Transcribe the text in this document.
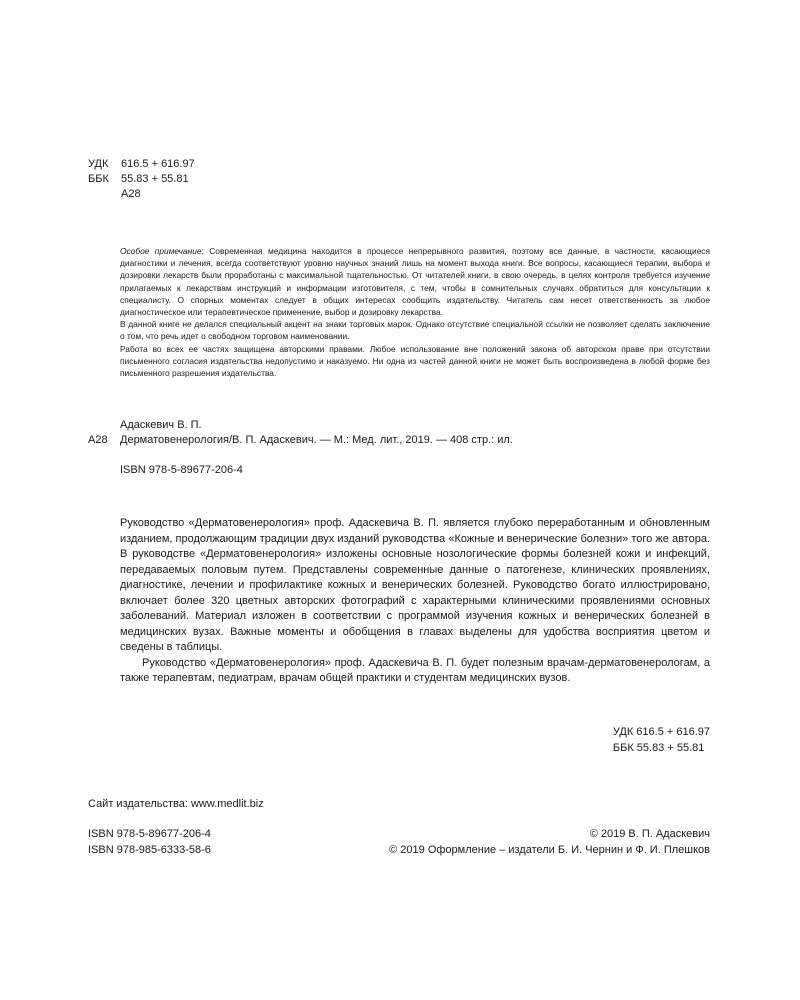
УДК	616.5 + 616.97
ББК	55.83 + 55.81
А28

Особое примечание: Современная медицина находится в процессе непрерывного развития, поэтому все данные, в частности, касающиеся диагностики и лечения, всегда соответствуют уровню научных знаний лишь на момент выхода книги. Все вопросы, касающиеся терапии, выбора и дозировки лекарств были проработаны с максимальной тщательностью. От читателей книги, в свою очередь, в целях контроля требуется изучение прилагаемых к лекарствам инструкций и информации изготовителя, с тем, чтобы в сомнительных случаях обратиться для консультации к специалисту. О спорных моментах следует в общих интересах сообщить издательству. Читатель сам несет ответственность за любое диагностическое или терапевтическое применение, выбор и дозировку лекарства.

В данной книге не делался специальный акцент на знаки торговых марок. Однако отсутствие специальной ссылки не позволяет сделать заключение о том, что речь идет о свободном торговом наименовании.

Работа во всех ее частях защищена авторскими правами. Любое использование вне положений закона об авторском праве при отсутствии письменного согласия издательства недопустимо и наказуемо. Ни одна из частей данной книги не может быть воспроизведена в любой форме без письменного разрешения издательства.

Адаскевич В. П.
А28 Дерматовенерология/В. П. Адаскевич. — М.: Мед. лит., 2019. — 408 стр.: ил.
ISBN 978-5-89677-206-4

Руководство «Дерматовенерология» проф. Адаскевича В. П. является глубоко переработанным и обновленным изданием, продолжающим традиции двух изданий руководства «Кожные и венерические болезни» того же автора. В руководстве «Дерматовенерология» изложены основные нозологические формы болезней кожи и инфекций, передаваемых половым путем. Представлены современные данные о патогенезе, клинических проявлениях, диагностике, лечении и профилактике кожных и венерических болезней. Руководство богато иллюстрировано, включает более 320 цветных авторских фотографий с характерными клиническими проявлениями основных заболеваний. Материал изложен в соответствии с программой изучения кожных и венерических болезней в медицинских вузах. Важные моменты и обобщения в главах выделены для удобства восприятия цветом и сведены в таблицы.

Руководство «Дерматовенерология» проф. Адаскевича В. П. будет полезным врачам-дерматовенерологам, а также терапевтам, педиатрам, врачам общей практики и студентам медицинских вузов.

УДК 616.5 + 616.97
ББК 55.83 + 55.81
Сайт издательства: www.medlit.biz
ISBN 978-5-89677-206-4
ISBN 978-985-6333-58-6
© 2019 В. П. Адаскевич
© 2019 Оформление – издатели Б. И. Чернин и Ф. И. Плешков
